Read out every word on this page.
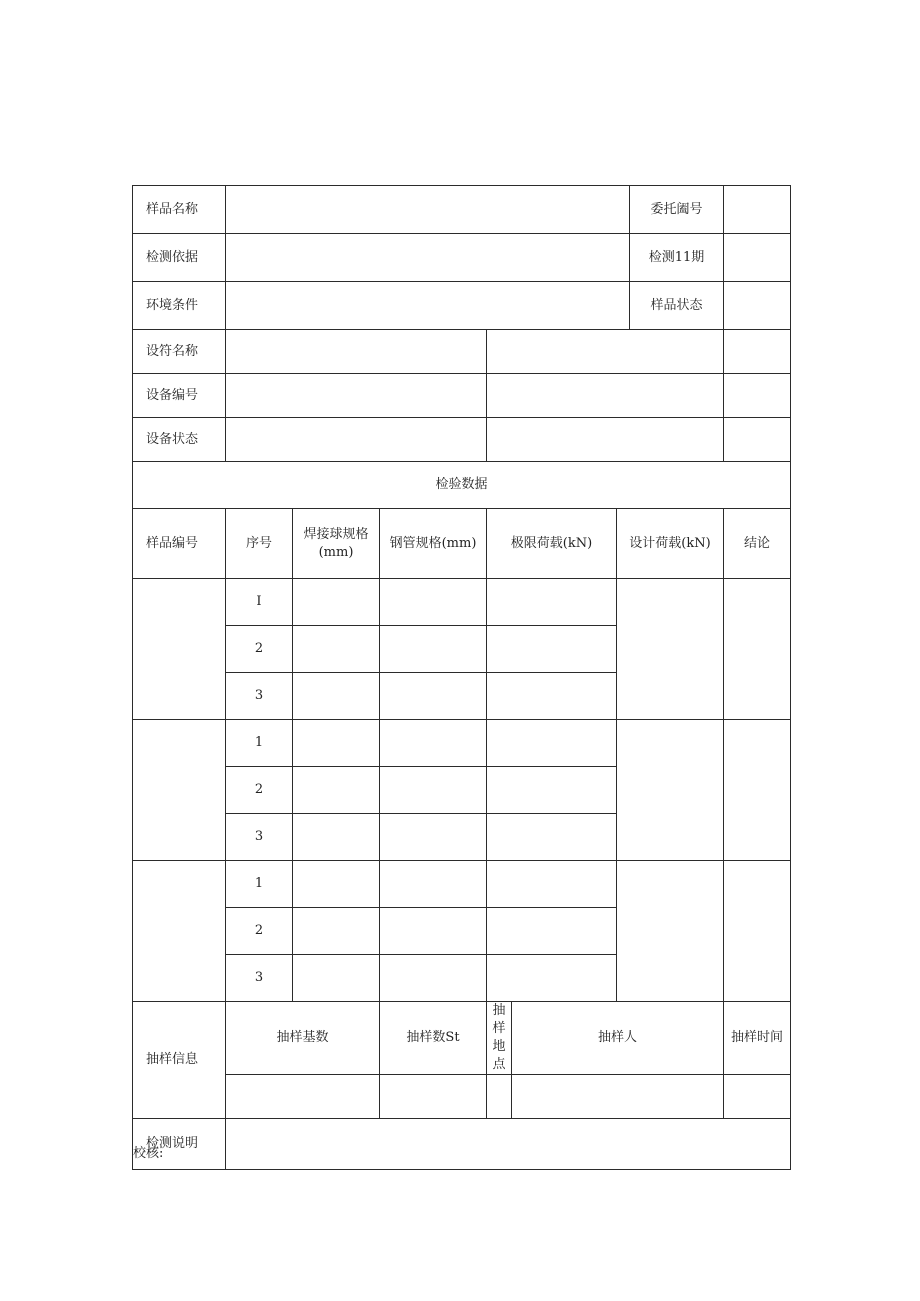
样品名称							委托阖号	
检测依据							检测11期	
环境条件							样品状态	
设符名称								
设备编号								
设备状态								
检验数据								
样品编号	序号	焊接球规格(mm)	钢管规格(mm)	极限荷载(kN)		设计荷载(kN)		结论
	I							
	2							
	3							
	1							
	2							
	3							
	1							
	2							
	3							
抽样信息	抽样基数		抽样数St	抽样地点	抽样人			抽样时间

检测说明								
校核:
